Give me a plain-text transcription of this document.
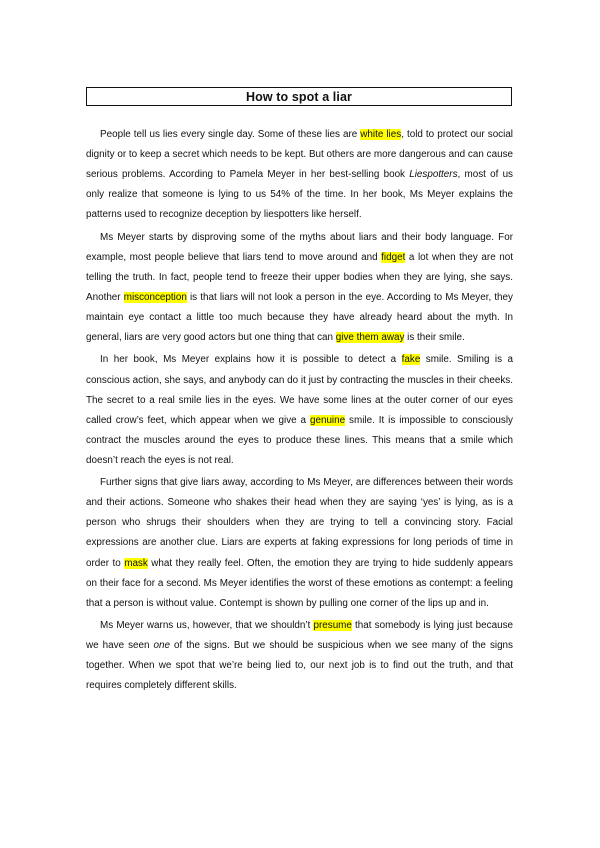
How to spot a liar

People tell us lies every single day. Some of these lies are white lies, told to protect our social dignity or to keep a secret which needs to be kept. But others are more dangerous and can cause serious problems. According to Pamela Meyer in her best-selling book Liespotters, most of us only realize that someone is lying to us 54% of the time. In her book, Ms Meyer explains the patterns used to recognize deception by liespotters like herself.

Ms Meyer starts by disproving some of the myths about liars and their body language. For example, most people believe that liars tend to move around and fidget a lot when they are not telling the truth. In fact, people tend to freeze their upper bodies when they are lying, she says. Another misconception is that liars will not look a person in the eye. According to Ms Meyer, they maintain eye contact a little too much because they have already heard about the myth. In general, liars are very good actors but one thing that can give them away is their smile.

In her book, Ms Meyer explains how it is possible to detect a fake smile. Smiling is a conscious action, she says, and anybody can do it just by contracting the muscles in their cheeks. The secret to a real smile lies in the eyes. We have some lines at the outer corner of our eyes called crow’s feet, which appear when we give a genuine smile. It is impossible to consciously contract the muscles around the eyes to produce these lines. This means that a smile which doesn’t reach the eyes is not real.

Further signs that give liars away, according to Ms Meyer, are differences between their words and their actions. Someone who shakes their head when they are saying ‘yes’ is lying, as is a person who shrugs their shoulders when they are trying to tell a convincing story. Facial expressions are another clue. Liars are experts at faking expressions for long periods of time in order to mask what they really feel. Often, the emotion they are trying to hide suddenly appears on their face for a second. Ms Meyer identifies the worst of these emotions as contempt: a feeling that a person is without value. Contempt is shown by pulling one corner of the lips up and in.

Ms Meyer warns us, however, that we shouldn’t presume that somebody is lying just because we have seen one of the signs. But we should be suspicious when we see many of the signs together. When we spot that we’re being lied to, our next job is to find out the truth, and that requires completely different skills.
